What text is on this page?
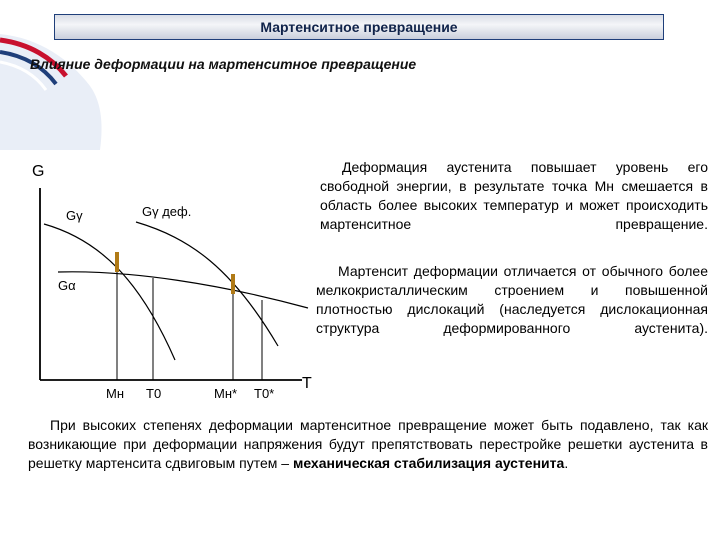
Мартенситное превращение
Влияние деформации на мартенситное превращение
G
T
Gγ	Gγ деф.
Gα
Мн T0	Мн* T0*
Деформация аустенита повышает уровень его свободной энергии, в результате точка Мн смешается в область более высоких температур и может происходить мартенситное превращение.
Мартенсит деформации отличается от обычного более мелкокристаллическим строением и повышенной плотностью дислокаций (наследуется дислокационная структура деформированного аустенита).
При высоких степенях деформации мартенситное превращение может быть подавлено, так как возникающие при деформации напряжения будут препятствовать перестройке решетки аустенита в решетку мартенсита сдвиговым путем – механическая стабилизация аустенита.
